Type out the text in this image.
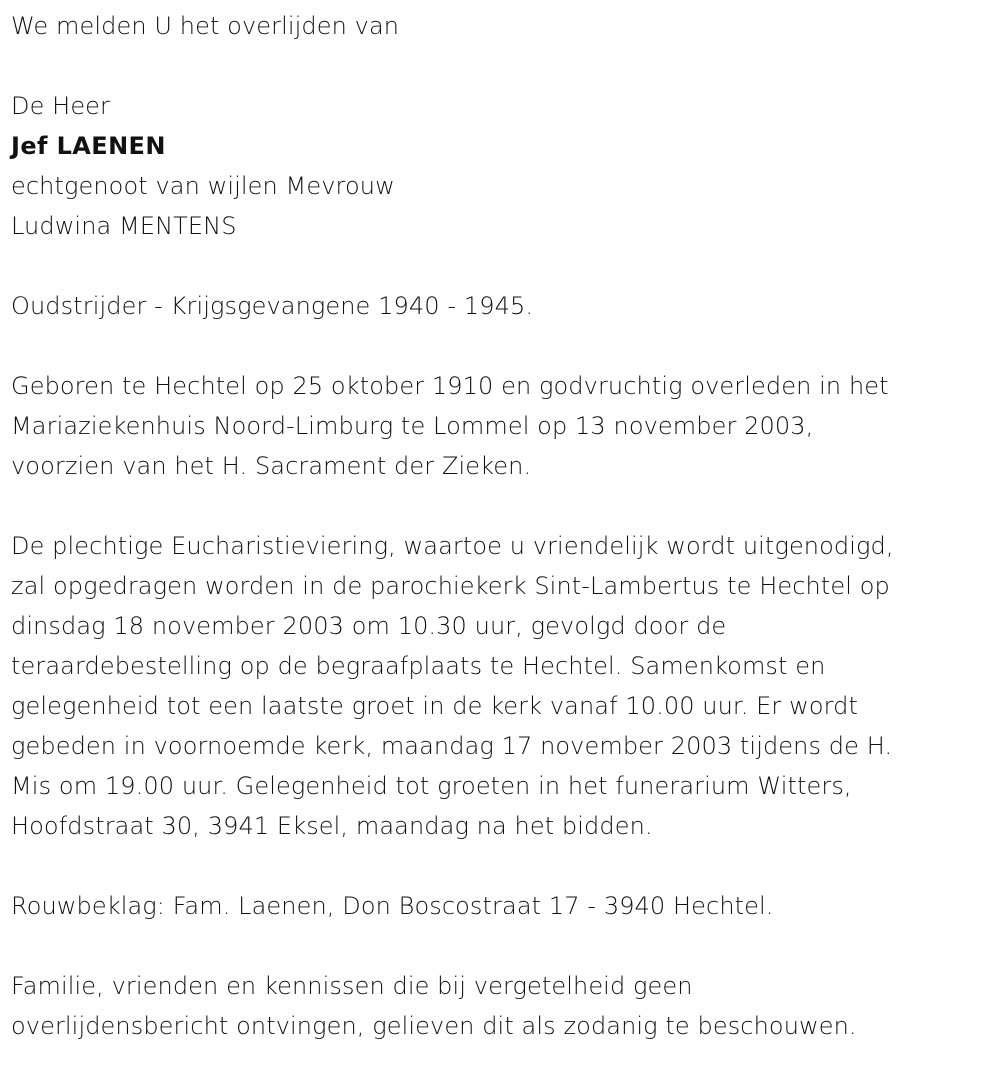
We melden U het overlijden van
De Heer
Jef LAENEN
echtgenoot van wijlen Mevrouw
Ludwina MENTENS
Oudstrijder - Krijgsgevangene 1940 - 1945.
Geboren te Hechtel op 25 oktober 1910 en godvruchtig overleden in het
Mariaziekenhuis Noord-Limburg te Lommel op 13 november 2003,
voorzien van het H. Sacrament der Zieken.
De plechtige Eucharistieviering, waartoe u vriendelijk wordt uitgenodigd,
zal opgedragen worden in de parochiekerk Sint-Lambertus te Hechtel op
dinsdag 18 november 2003 om 10.30 uur, gevolgd door de
teraardebestelling op de begraafplaats te Hechtel. Samenkomst en
gelegenheid tot een laatste groet in de kerk vanaf 10.00 uur. Er wordt
gebeden in voornoemde kerk, maandag 17 november 2003 tijdens de H.
Mis om 19.00 uur. Gelegenheid tot groeten in het funerarium Witters,
Hoofdstraat 30, 3941 Eksel, maandag na het bidden.
Rouwbeklag: Fam. Laenen, Don Boscostraat 17 - 3940 Hechtel.
Familie, vrienden en kennissen die bij vergetelheid geen
overlijdensbericht ontvingen, gelieven dit als zodanig te beschouwen.
